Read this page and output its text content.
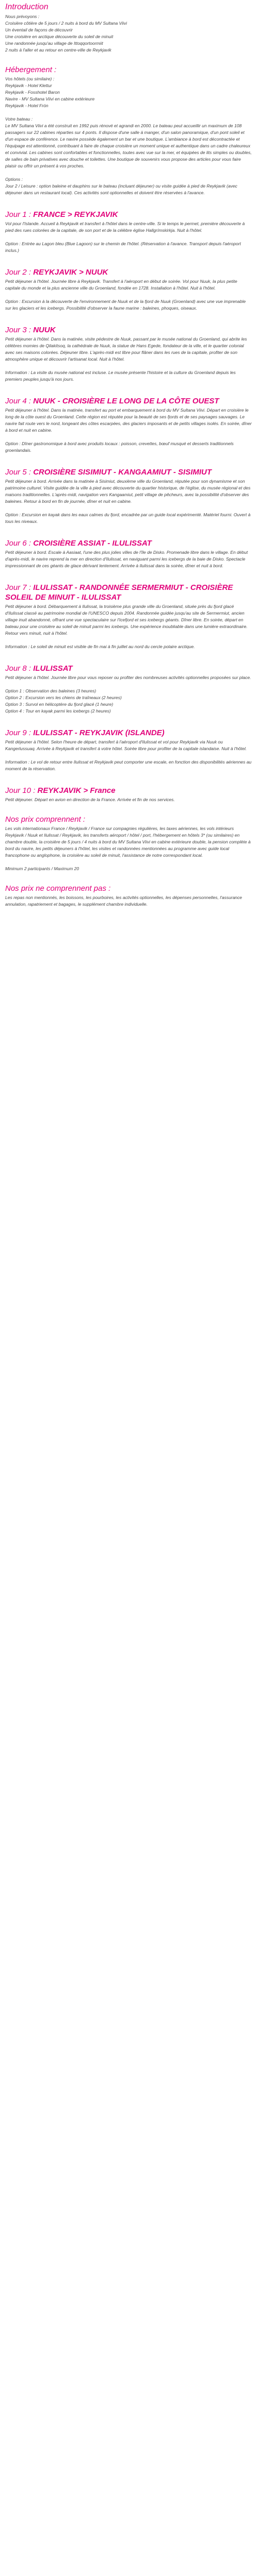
Introduction

Nous prévoyons :

Croisière côtière de 5 jours / 2 nuits à bord du MV Sultana Viivi

Un éventail de façons de découvrir

Une croisière en arctique découverte du soleil de minuit

Une randonnée jusqu'au village de Ittoqqortoormiit

2 nuits à l'aller et au retour en centre-ville de Reykjavik

Hébergement :

Vos hôtels (ou similaire) :

Reykjavik - Hotel Klettur

Reykjavik - Fosshotel Baron

Navire - MV Sultana Viivi en cabine extérieure

Reykjavik - Hotel Frón

Votre bateau :

Le MV Sultana Viivi a été construit en 1992 puis rénové et agrandi en 2000. Le bateau peut accueillir un maximum de 108 passagers sur 22 cabines réparties sur 4 ponts. Il dispose d'une salle à manger, d'un salon panoramique, d'un pont soleil et d'un espace de conférence. Le navire possède également un bar et une boutique. L'ambiance à bord est décontractée et l'équipage est attentionné, contribuant à faire de chaque croisière un moment unique et authentique dans un cadre chaleureux et convivial. Les cabines sont confortables et fonctionnelles, toutes avec vue sur la mer, et équipées de lits simples ou doubles, de salles de bain privatives avec douche et toilettes. Une boutique de souvenirs vous propose des articles pour vous faire plaisir ou offrir un présent à vos proches.

Options :

Jour 2 / Leisure : option baleine et dauphins sur le bateau (incluant déjeuner) ou visite guidée à pied de Reykjavik (avec déjeuner dans un restaurant local). Ces activités sont optionnelles et doivent être réservées à l'avance.

Jour 1 : FRANCE > REYKJAVIK

Vol pour l'Islande. Accueil à Reykjavik et transfert à l'hôtel dans le centre-ville. Si le temps le permet, première découverte à pied des rues colorées de la capitale, de son port et de la célèbre église Hallgrímskirkja. Nuit à l'hôtel.

Option : Entrée au Lagon bleu (Blue Lagoon) sur le chemin de l'hôtel. (Réservation à l'avance. Transport depuis l'aéroport inclus.)

Jour 2 : REYKJAVIK > NUUK

Petit déjeuner à l'hôtel. Journée libre à Reykjavik. Transfert à l'aéroport en début de soirée. Vol pour Nuuk, la plus petite capitale du monde et la plus ancienne ville du Groenland, fondée en 1728. Installation à l'hôtel. Nuit à l'hôtel.

Option : Excursion à la découverte de l'environnement de Nuuk et de la fjord de Nuuk (Groenland) avec une vue imprenable sur les glaciers et les icebergs. Possibilité d'observer la faune marine : baleines, phoques, oiseaux.

Jour 3 : NUUK

Petit déjeuner à l'hôtel. Dans la matinée, visite pédestre de Nuuk, passant par le musée national du Groenland, qui abrite les célèbres momies de Qilakitsoq, la cathédrale de Nuuk, la statue de Hans Egede, fondateur de la ville, et le quartier colonial avec ses maisons colorées. Déjeuner libre. L'après-midi est libre pour flâner dans les rues de la capitale, profiter de son atmosphère unique et découvrir l'artisanat local. Nuit à l'hôtel.

Information : La visite du musée national est incluse. Le musée présente l'histoire et la culture du Groenland depuis les premiers peuples jusqu'à nos jours.

Jour 4 : NUUK - CROISIÈRE LE LONG DE LA CÔTE OUEST

Petit déjeuner à l'hôtel. Dans la matinée, transfert au port et embarquement à bord du MV Sultana Viivi. Départ en croisière le long de la côte ouest du Groenland. Cette région est réputée pour la beauté de ses fjords et de ses paysages sauvages. Le navire fait route vers le nord, longeant des côtes escarpées, des glaciers imposants et de petits villages isolés. En soirée, dîner à bord et nuit en cabine.

Option : Dîner gastronomique à bord avec produits locaux : poisson, crevettes, bœuf musqué et desserts traditionnels groenlandais.

Jour 5 : CROISIÈRE SISIMIUT - KANGAAMIUT - SISIMIUT

Petit déjeuner à bord. Arrivée dans la matinée à Sisimiut, deuxième ville du Groenland, réputée pour son dynamisme et son patrimoine culturel. Visite guidée de la ville à pied avec découverte du quartier historique, de l'église, du musée régional et des maisons traditionnelles. L'après-midi, navigation vers Kangaamiut, petit village de pêcheurs, avec la possibilité d'observer des baleines. Retour à bord en fin de journée, dîner et nuit en cabine.

Option : Excursion en kayak dans les eaux calmes du fjord, encadrée par un guide local expérimenté. Matériel fourni. Ouvert à tous les niveaux.

Jour 6 : CROISIÈRE ASSIAT - ILULISSAT

Petit déjeuner à bord. Escale à Aasiaat, l'une des plus jolies villes de l'île de Disko. Promenade libre dans le village. En début d'après-midi, le navire reprend la mer en direction d'Ilulissat, en naviguant parmi les icebergs de la baie de Disko. Spectacle impressionnant de ces géants de glace dérivant lentement. Arrivée à Ilulissat dans la soirée, dîner et nuit à bord.

Jour 7 : ILULISSAT - RANDONNÉE SERMERMIUT - CROISIÈRE SOLEIL DE MINUIT - ILULISSAT

Petit déjeuner à bord. Débarquement à Ilulissat, la troisième plus grande ville du Groenland, située près du fjord glacé d'Ilulissat classé au patrimoine mondial de l'UNESCO depuis 2004. Randonnée guidée jusqu'au site de Sermermiut, ancien village inuit abandonné, offrant une vue spectaculaire sur l'Icefjord et ses icebergs géants. Dîner libre. En soirée, départ en bateau pour une croisière au soleil de minuit parmi les icebergs. Une expérience inoubliable dans une lumière extraordinaire. Retour vers minuit, nuit à l'hôtel.

Information : Le soleil de minuit est visible de fin mai à fin juillet au nord du cercle polaire arctique.

Jour 8 : ILULISSAT

Petit déjeuner à l'hôtel. Journée libre pour vous reposer ou profiter des nombreuses activités optionnelles proposées sur place.

Option 1 : Observation des baleines (3 heures)
Option 2 : Excursion vers les chiens de traîneaux (2 heures)
Option 3 : Survol en hélicoptère du fjord glacé (1 heure)
Option 4 : Tour en kayak parmi les icebergs (2 heures)

Jour 9 : ILULISSAT - REYKJAVIK (ISLANDE)

Petit déjeuner à l'hôtel. Selon l'heure de départ, transfert à l'aéroport d'Ilulissat et vol pour Reykjavik via Nuuk ou Kangerlussuaq. Arrivée à Reykjavik et transfert à votre hôtel. Soirée libre pour profiter de la capitale islandaise. Nuit à l'hôtel.

Information : Le vol de retour entre Ilulissat et Reykjavik peut comporter une escale, en fonction des disponibilités aériennes au moment de la réservation.

Jour 10 : REYKJAVIK > France

Petit déjeuner. Départ en avion en direction de la France. Arrivée et fin de nos services.

Nos prix comprennent :

Les vols internationaux France / Reykjavik / France sur compagnies régulières, les taxes aériennes, les vols intérieurs Reykjavik / Nuuk et Ilulissat / Reykjavik, les transferts aéroport / hôtel / port, l'hébergement en hôtels 3* (ou similaires) en chambre double, la croisière de 5 jours / 4 nuits à bord du MV Sultana Viivi en cabine extérieure double, la pension complète à bord du navire, les petits déjeuners à l'hôtel, les visites et randonnées mentionnées au programme avec guide local francophone ou anglophone, la croisière au soleil de minuit, l'assistance de notre correspondant local.

Minimum 2 participants / Maximum 20

Nos prix ne comprennent pas :

Les repas non mentionnés, les boissons, les pourboires, les activités optionnelles, les dépenses personnelles, l'assurance annulation, rapatriement et bagages, le supplément chambre individuelle.
